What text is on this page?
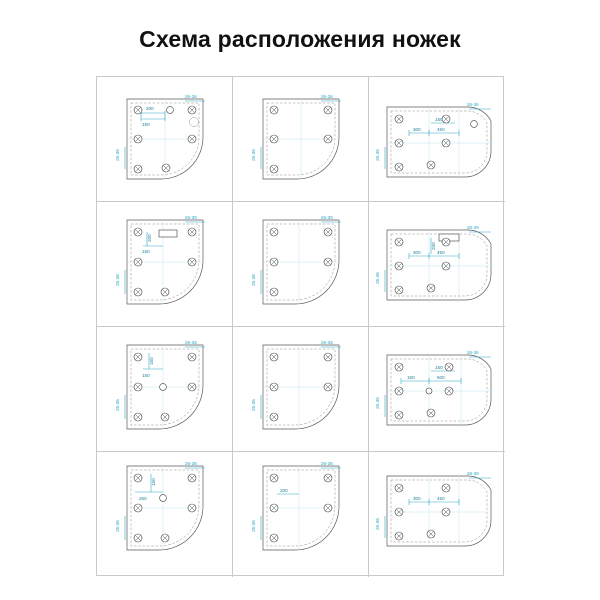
Схема расположения ножек
26-36
26-36
200
150
26-36
26-36
26-36
26-36
150
300	450
26-36
26-36
200
150
26-36
26-36
26-36
26-36
200
300	450
26-36
26-36
150
150
26-36
26-36
26-36
26-36
150
150	600
26-36
26-36
150
250
26-36
26-36
200
26-36
26-36
300	450
